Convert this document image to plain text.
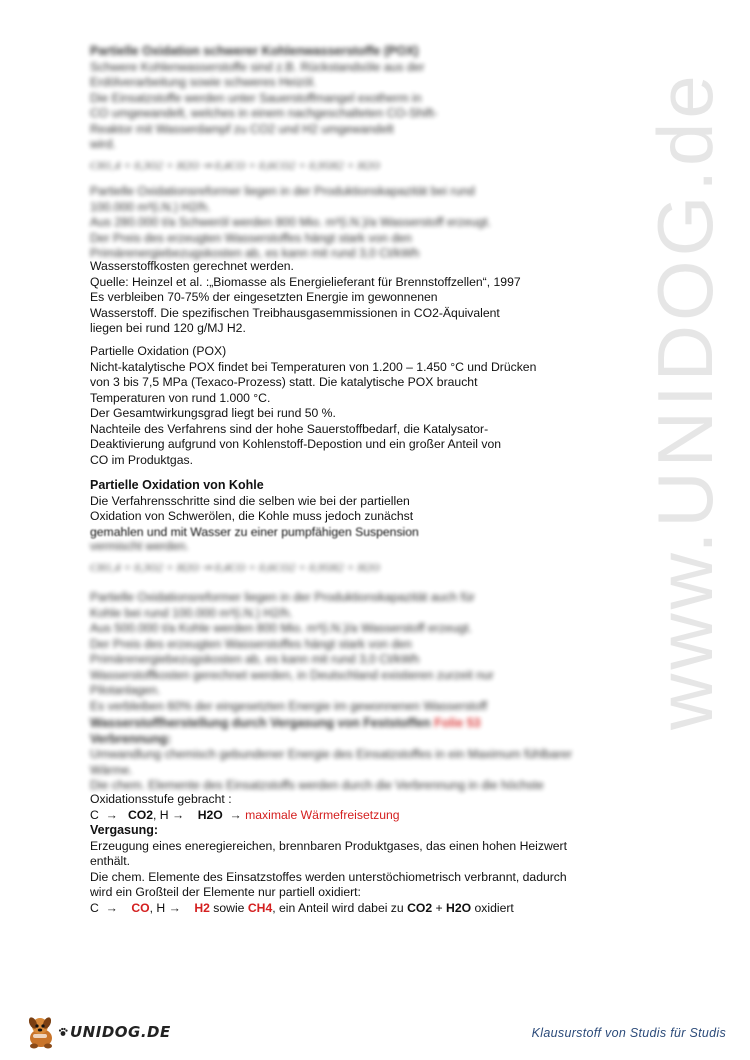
www.UNIDOG.de

Partielle Oxidation schwerer Kohlenwasserstoffe (POX)

Schwere Kohlenwasserstoffe sind z.B. Rückstandsöle aus der

Erdölverarbeitung sowie schweres Heizöl.

Die Einsatzstoffe werden unter Sauerstoffmangel exotherm in

CO umgewandelt, welches in einem nachgeschalteten CO-Shift-

Reaktor mit Wasserdampf zu CO2 und H2 umgewandelt

wird.

CH1,4 + 0,3O2 + H2O ⇒ 0,4CO + 0,6CO2 + 0,95H2 + H2O

Partielle Oxidationsreformer liegen in der Produktionskapazität bei rund

100.000 m³(i.N.) H2/h.

Aus 280.000 t/a Schweröl werden 800 Mio. m³(i.N.)/a Wasserstoff erzeugt.

Der Preis des erzeugten Wasserstoffes hängt stark von den

Primärenergiebezugskosten ab, es kann mit rund 3,0 Ct/kWh

Wasserstoffkosten gerechnet werden.

Quelle: Heinzel et al. :„Biomasse als Energielieferant für Brennstoffzellen“, 1997

Es verbleiben 70-75% der eingesetzten Energie im gewonnenen

Wasserstoff. Die spezifischen Treibhausgasemmissionen in CO2-Äquivalent

liegen bei rund 120 g/MJ H2.

Partielle Oxidation (POX)

Nicht-katalytische POX findet bei Temperaturen von 1.200 – 1.450 °C und Drücken

von 3 bis 7,5 MPa (Texaco-Prozess) statt. Die katalytische POX braucht

Temperaturen von rund 1.000 °C.

Der Gesamtwirkungsgrad liegt bei rund 50 %.

Nachteile des Verfahrens sind der hohe Sauerstoffbedarf, die Katalysator-

Deaktivierung aufgrund von Kohlenstoff-Depostion und ein großer Anteil von

CO im Produktgas.

Partielle Oxidation von Kohle

Die Verfahrensschritte sind die selben wie bei der partiellen

Oxidation von Schwerölen, die Kohle muss jedoch zunächst

gemahlen und mit Wasser zu einer pumpfähigen Suspension

vermischt werden.

CH1,4 + 0,3O2 + H2O ⇒ 0,4CO + 0,6CO2 + 0,95H2 + H2O

Partielle Oxidationsreformer liegen in der Produktionskapazität auch für

Kohle bei rund 100.000 m³(i.N.) H2/h.

Aus 500.000 t/a Kohle werden 800 Mio. m³(i.N.)/a Wasserstoff erzeugt.

Der Preis des erzeugten Wasserstoffes hängt stark von den

Primärenergiebezugskosten ab, es kann mit rund 3,0 Ct/kWh

Wasserstoffkosten gerechnet werden, in Deutschland existieren zurzeit nur

Pilotanlagen.

Es verbleiben 60% der eingesetzten Energie im gewonnenen Wasserstoff

Wasserstoffherstellung durch Vergasung von Feststoffen Folie 53

Verbrennung:

Umwandlung chemisch gebundener Energie des Einsatzstoffes in ein Maximum fühlbarer

Wärme.

Die chem. Elemente des Einsatzstoffs werden durch die Verbrennung in die höchste

Oxidationsstufe gebracht :

C  →   CO2, H →    H2O  → maximale Wärmefreisetzung

Vergasung:

Erzeugung eines eneregiereichen, brennbaren Produktgases, das einen hohen Heizwert

enthält.

Die chem. Elemente des Einsatzstoffes werden unterstöchiometrisch verbrannt, dadurch

wird ein Großteil der Elemente nur partiell oxidiert:

C  →    CO, H →    H2 sowie CH4, ein Anteil wird dabei zu CO2 + H2O oxidiert

UNIDOG.DE	Klausurstoff von Studis für Studis
